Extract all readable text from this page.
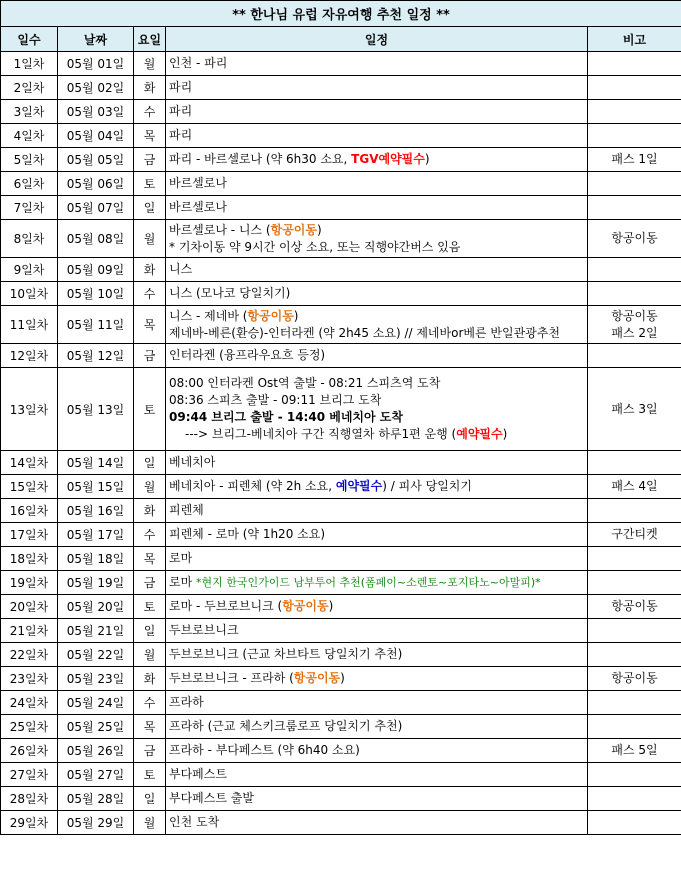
** 한나님 유럽 자유여행 추천 일정 **				
일수	날짜	요일	일정	비고
1일차	05월 01일	월	인천 - 파리	

2일차	05월 02일	화	파리	

3일차	05월 03일	수	파리	

4일차	05월 04일	목	파리	

5일차	05월 05일	금	파리 - 바르셀로나 (약 6h30 소요, TGV예약필수)	패스 1일

6일차	05월 06일	토	바르셀로나	

7일차	05월 07일	일	바르셀로나	

8일차	05월 08일	월	바르셀로나 - 니스 (항공이동)
* 기차이동 약 9시간 이상 소요, 또는 직행야간버스 있음	항공이동

9일차	05월 09일	화	니스	

10일차	05월 10일	수	니스 (모나코 당일치기)	

11일차	05월 11일	목	니스 - 제네바 (항공이동)
제네바-베른(환승)-인터라켄 (약 2h45 소요) // 제네바or베른 반일관광추천	항공이동
패스 2일

12일차	05월 12일	금	인터라켄 (융프라우요흐 등정)	

13일차	05월 13일	토	08:00 인터라켄 Ost역 출발 - 08:21 스피츠역 도착
08:36 스피츠 출발 - 09:11 브리그 도착
09:44 브리그 출발 - 14:40 베네치아 도착
---> 브리그-베네치아 구간 직행열차 하루1편 운행 (예약필수)	패스 3일

14일차	05월 14일	일	베네치아	

15일차	05월 15일	월	베네치아 - 피렌체 (약 2h 소요, 예약필수) / 피사 당일치기	패스 4일

16일차	05월 16일	화	피렌체	

17일차	05월 17일	수	피렌체 - 로마 (약 1h20 소요)	구간티켓

18일차	05월 18일	목	로마	

19일차	05월 19일	금	로마 *현지 한국인가이드 남부투어 추천(폼페이~소렌토~포지타노~아말피)*	

20일차	05월 20일	토	로마 - 두브로브니크 (항공이동)	항공이동

21일차	05월 21일	일	두브로브니크	

22일차	05월 22일	월	두브로브니크 (근교 차브타트 당일치기 추천)	

23일차	05월 23일	화	두브로브니크 - 프라하 (항공이동)	항공이동

24일차	05월 24일	수	프라하	

25일차	05월 25일	목	프라하 (근교 체스키크룸로프 당일치기 추천)	

26일차	05월 26일	금	프라하 - 부다페스트 (약 6h40 소요)	패스 5일

27일차	05월 27일	토	부다페스트	

28일차	05월 28일	일	부다페스트 출발	

29일차	05월 29일	월	인천 도착	
